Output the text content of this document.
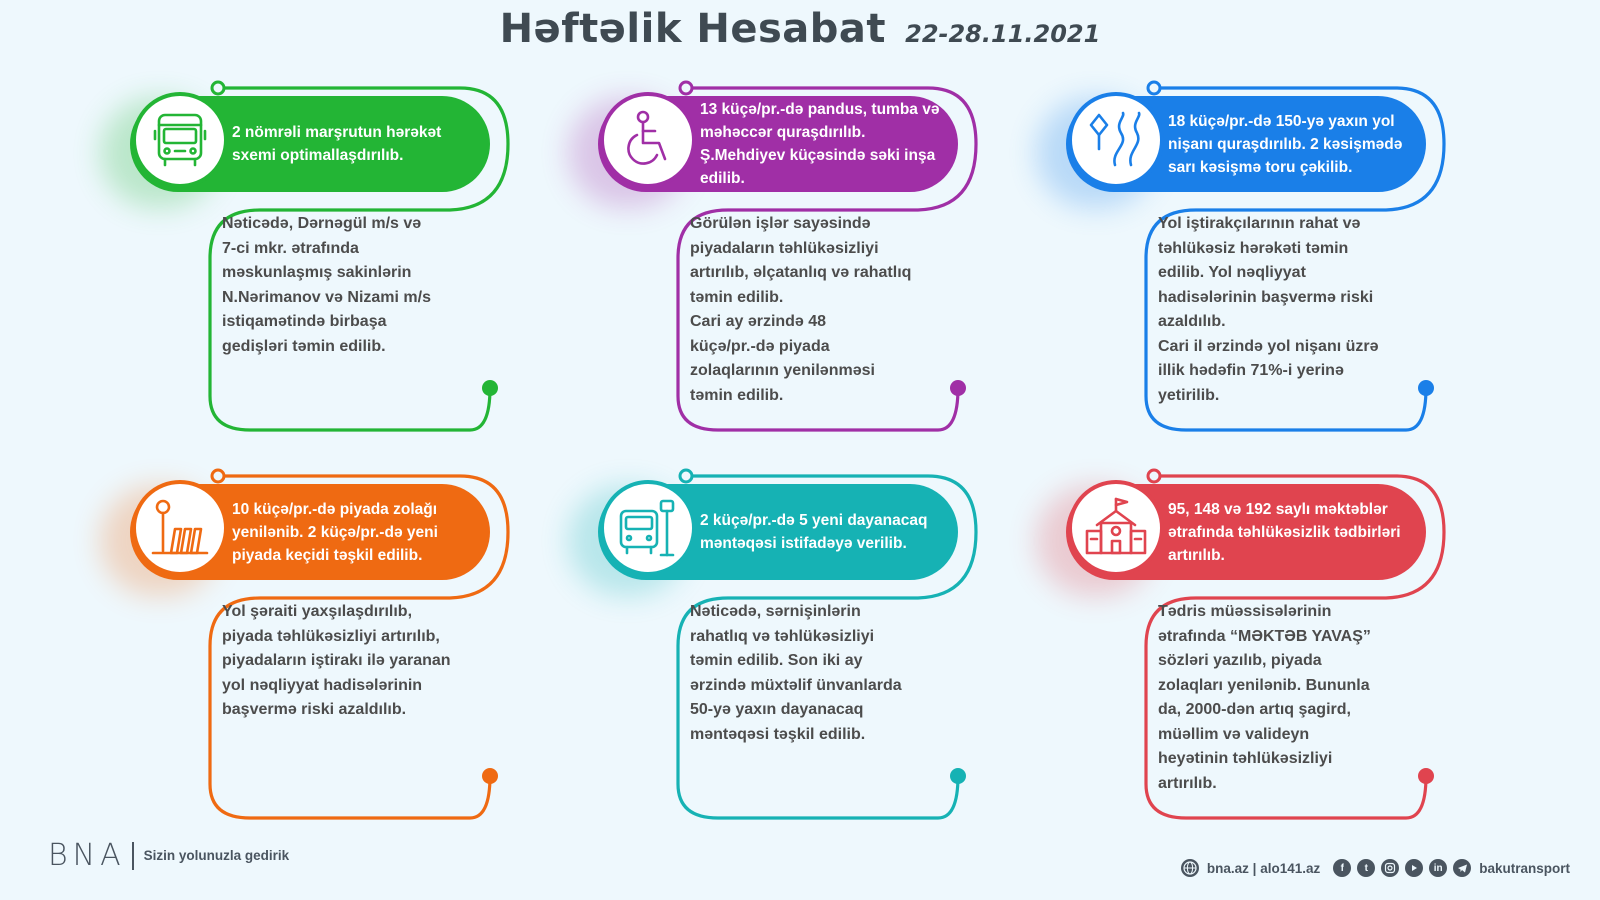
Həftəlik Hesabat 22-28.11.2021
2 nömrəli marşrutun hərəkət sxemi optimallaşdırılıb.
Nəticədə, Dərnəgül m/s və
7-ci mkr. ətrafında
məskunlaşmış sakinlərin
N.Nərimanov və Nizami m/s
istiqamətində birbaşa
gedişləri təmin edilib.
13 küçə/pr.-də pandus, tumba və məhəccər quraşdırılıb. Ş.Mehdiyev küçəsində səki inşa edilib.
Görülən işlər sayəsində
piyadaların təhlükəsizliyi
artırılıb, əlçatanlıq və rahatlıq
təmin edilib.
Cari ay ərzində 48
küçə/pr.-də piyada
zolaqlarının yenilənməsi
təmin edilib.
18 küçə/pr.-də 150-yə yaxın yol nişanı quraşdırılıb. 2 kəsişmədə sarı kəsişmə toru çəkilib.
Yol iştirakçılarının rahat və
təhlükəsiz hərəkəti təmin
edilib. Yol nəqliyyat
hadisələrinin başvermə riski
azaldılıb.
Cari il ərzində yol nişanı üzrə
illik hədəfin 71%-i yerinə
yetirilib.
10 küçə/pr.-də piyada zolağı yenilənib. 2 küçə/pr.-də yeni piyada keçidi təşkil edilib.
Yol şəraiti yaxşılaşdırılıb,
piyada təhlükəsizliyi artırılıb,
piyadaların iştirakı ilə yaranan
yol nəqliyyat hadisələrinin
başvermə riski azaldılıb.
2 küçə/pr.-də 5 yeni dayanacaq məntəqəsi istifadəyə verilib.
Nəticədə, sərnişinlərin
rahatlıq və təhlükəsizliyi
təmin edilib. Son iki ay
ərzində müxtəlif ünvanlarda
50-yə yaxın dayanacaq
məntəqəsi təşkil edilib.
95, 148 və 192 saylı məktəblər ətrafında təhlükəsizlik tədbirləri artırılıb.
Tədris müəssisələrinin
ətrafında “MƏKTƏB YAVAŞ”
sözləri yazılıb, piyada
zolaqları yenilənib. Bununla
da, 2000-dən artıq şagird,
müəllim və valideyn
heyətinin təhlükəsizliyi
artırılıb.
BNA Sizin yolunuzla gedirik
bna.az | alo141.az	f	t	in	bakutransport
